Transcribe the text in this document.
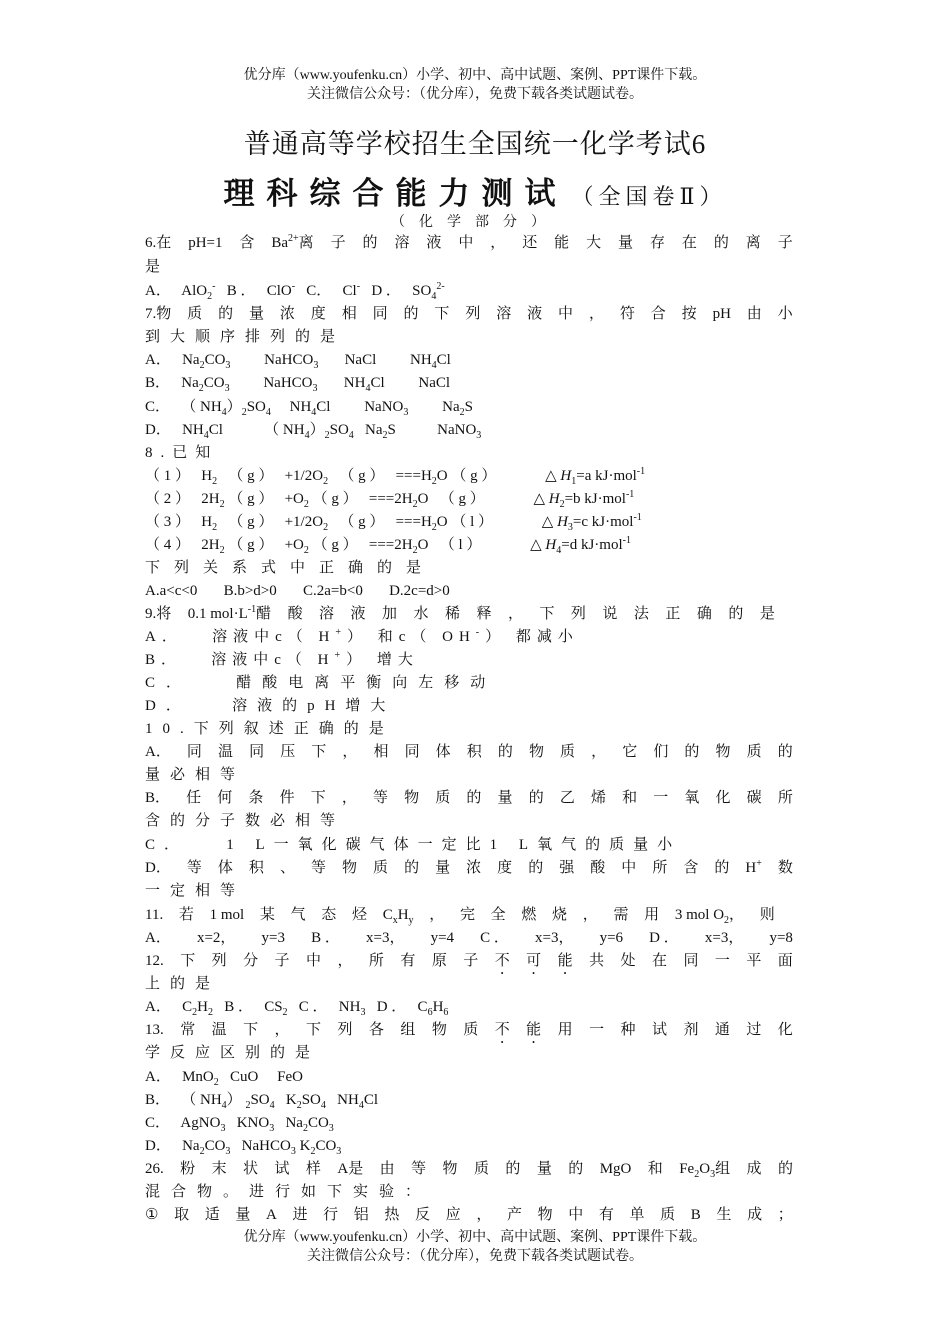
优分库（www.youfenku.cn）小学、初中、高中试题、案例、PPT课件下载。
关注微信公众号：（优分库），免费下载各类试题试卷。
普通高等学校招生全国统一化学考试6
理科综合能力测试 （全国卷Ⅱ）
（化学部分）
6.在 pH=1 含 $Ba^{2+}$离 子 的 溶 液 中 ， 还 能 大 量 存 在 的 离 子
是
A．   AlO$_2$-   B ．   ClO-   C．   Cl-   D ．   $SO_4^{2-}$
7.物 质 的 量 浓 度 相 同 的 下 列 溶 液 中 ， 符 合 按 pH 由 小
到大顺序排列的是
A．   $Na_2CO_3$         NaHCO$_3$       NaCl         $NH_4Cl$
B．   $Na_2CO_3$         NaHCO$_3$       $NH_4Cl$         NaCl
C．   （ $NH_4)_2SO_4$     $NH_4Cl$         NaNO$_3$         $Na_2S$
D．   $NH_4Cl$           （ $NH_4)_2SO_4$   $Na_2S$           NaNO$_3$
8.已知
（ 1 ）   $H_2$   （ g ）   $+1/2O_2$   （ g ）   $===H_2O$ （ g ）             △ $H_1=a$ kJ·mol$^{-1}$
（ 2 ）   $2H_2$ （ g ）   $+O_2$ （ g ）   $===2H_2O$   （ g ）             △ $H_2=b$ kJ·mol$^{-1}$
（ 3 ）   $H_2$   （ g ）   $+1/2O_2$   （ g ）   $===H_2O$ （ l ）             △ $H_3=c$ kJ·mol$^{-1}$
（ 4 ）   $2H_2$ （ g ）   $+O_2$ （ g ）   $===2H_2O$   （ l ）             △ $H_4=d$ kJ·mol$^{-1}$
下列关系式中正确的是
A.a<c<0       B.b>d>0       C.2a=b<0       D.2c=d>0
9.将 0.1 $mol\cdot L^{-1}$醋 酸 溶 液 加 水 稀 释 ， 下 列 说 法 正 确 的 是
A．   溶液中c（ H+） 和c（ OH-） 都减小
B．   溶液中c（ H+） 增大
C．   醋酸电离平衡向左移动
D．   溶液的pH增大
10.下列叙述正确的是
A． 同 温 同 压 下 ， 相 同 体 积 的 物 质 ， 它 们 的 物 质 的
量必相等
B． 任 何 条 件 下 ， 等 物 质 的 量 的 乙 烯 和 一 氧 化 碳 所
含的分子数必相等
C．   1 L一氧化碳气体一定比1 L氧气的质量小
D． 等 体 积 、 等 物 质 的 量 浓 度 的 强 酸 中 所 含 的 H+ 数
一定相等
11. 若 1 mol 某 气 态 烃 $C_xH_y$ ， 完 全 燃 烧 ， 需 用 3 mol $O_2$， 则
A． x=2， y=3 B ． x=3， y=4 C ． x=3， y=6 D ． x=3， y=8
12. 下 列 分 子 中 ， 所 有 原 子 不 可 能 共 处 在 同 一 平 面
上的是
A．   $C_2H_2$   B ．   $CS_2$   C ．   $NH_3$   D ．   $C_6H_6$
13. 常 温 下 ， 下 列 各 组 物 质 不 能 用 一 种 试 剂 通 过 化
学反应区别的是
A．   MnO$_2$   CuO     FeO
B．   （ $NH_4$） $_2SO_4$   $K_2SO_4$   $NH_4Cl$
C．   AgNO$_3$   $KNO_3$   $Na_2CO_3$
D．   $Na_2CO_3$   NaHCO$_3$ $K_2CO_3$
26. 粉 末 状 试 样 A是 由 等 物 质 的 量 的 MgO 和 $Fe_2O_3$组 成 的
混合物。进行如下实验：
① 取 适 量 A 进 行 铝 热 反 应 ， 产 物 中 有 单 质 B 生 成 ；
优分库（www.youfenku.cn）小学、初中、高中试题、案例、PPT课件下载。
关注微信公众号：（优分库），免费下载各类试题试卷。
